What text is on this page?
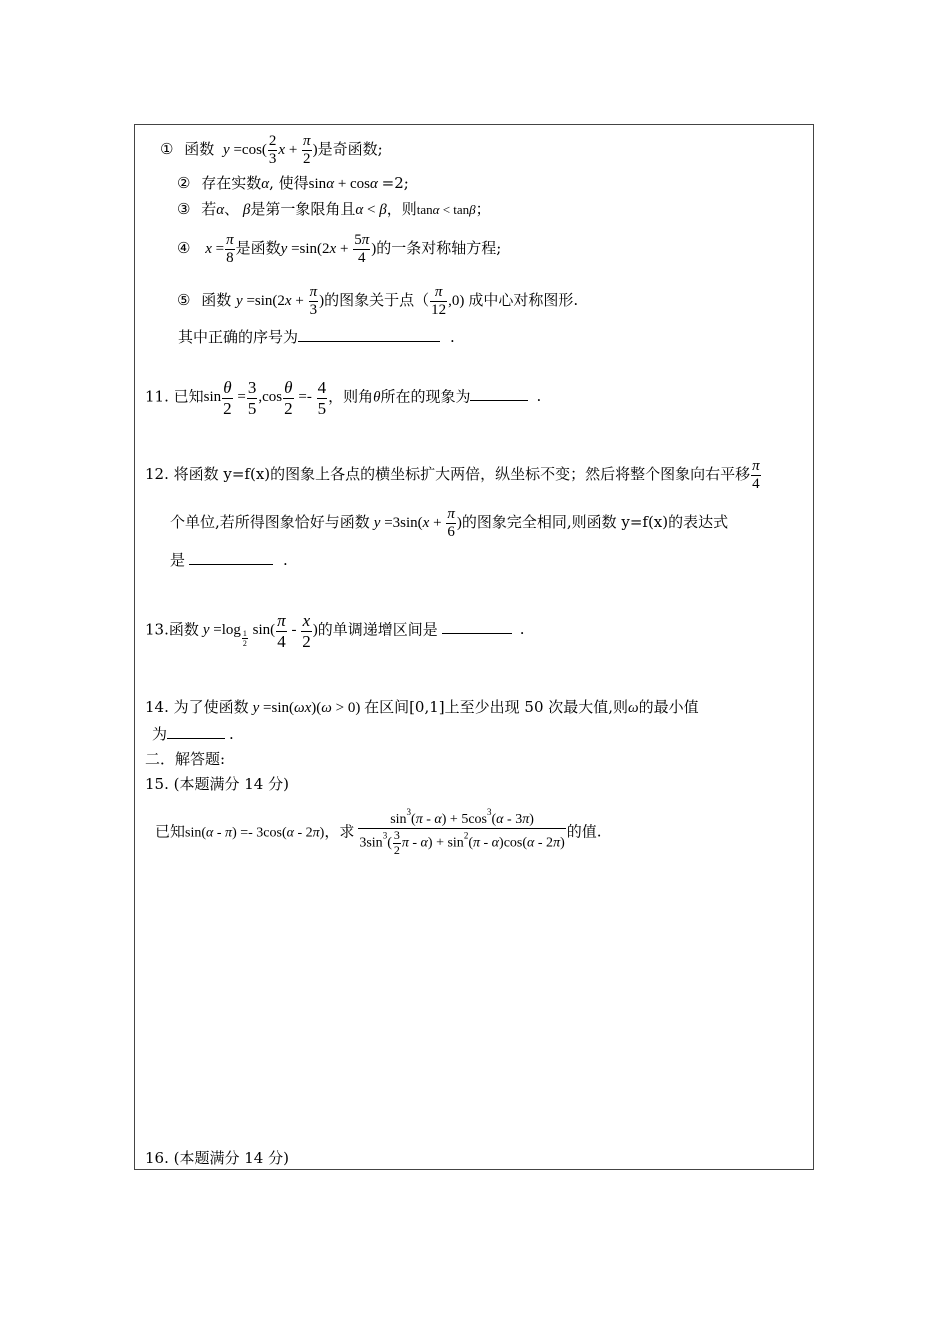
① 函数 $y =\cos( \frac{2}{3}$ $x + \frac{\pi}{2}$ )是奇函数;
② 存在实数α, 使得sinα + cosα =2;
③ 若α、 β是第一象限角且α < β，则tanα < tanβ；
④ $x = \frac{\pi}{8}$ 是函数$y =\sin(2x + \frac{5\pi}{4}$ )的一条对称轴方程;
⑤ 函数 $y =\sin(2x + \frac{\pi}{3}$ )的图象关于点（ $\frac{\pi}{12} ,0$) 成中心对称图形.
其中正确的序号为	.
11. 已知$\sin \frac{\theta}{2} = \frac{3}{5} ,\cos \frac{\theta}{2} =- \frac{4}{5}$ ，则角θ所在的现象为	.
12. 将函数 y=f(x)的图象上各点的横坐标扩大两倍，纵坐标不变；然后将整个图象向右平移 $\frac{\pi}{4}$
个单位,若所得图象恰好与函数 $y =3\sin(x + \frac{\pi}{6}$ )的图象完全相同,则函数 y=f(x)的表达式
是	.
13.函数 $y =\log \frac{1}{2} \sin( \frac{\pi}{4} - \frac{x}{2}$ )的单调递增区间是	.
14. 为了使函数 y =sin(ωx)(ω > 0) 在区间[0,1]上至少出现 50 次最大值,则ω的最小值
为	.
二．解答题:
15. (本题满分 14 分)
已知sin(α - π) =- 3cos(α - 2π)，求 $\frac{\sin^3(\pi - \alpha) + 5\cos^3(\alpha - 3\pi)}{3\sin^3( \frac{3}{2} \pi - \alpha) + \sin^2(\pi - \alpha)\cos(\alpha - 2\pi)}$ 的值.
16. (本题满分 14 分)
